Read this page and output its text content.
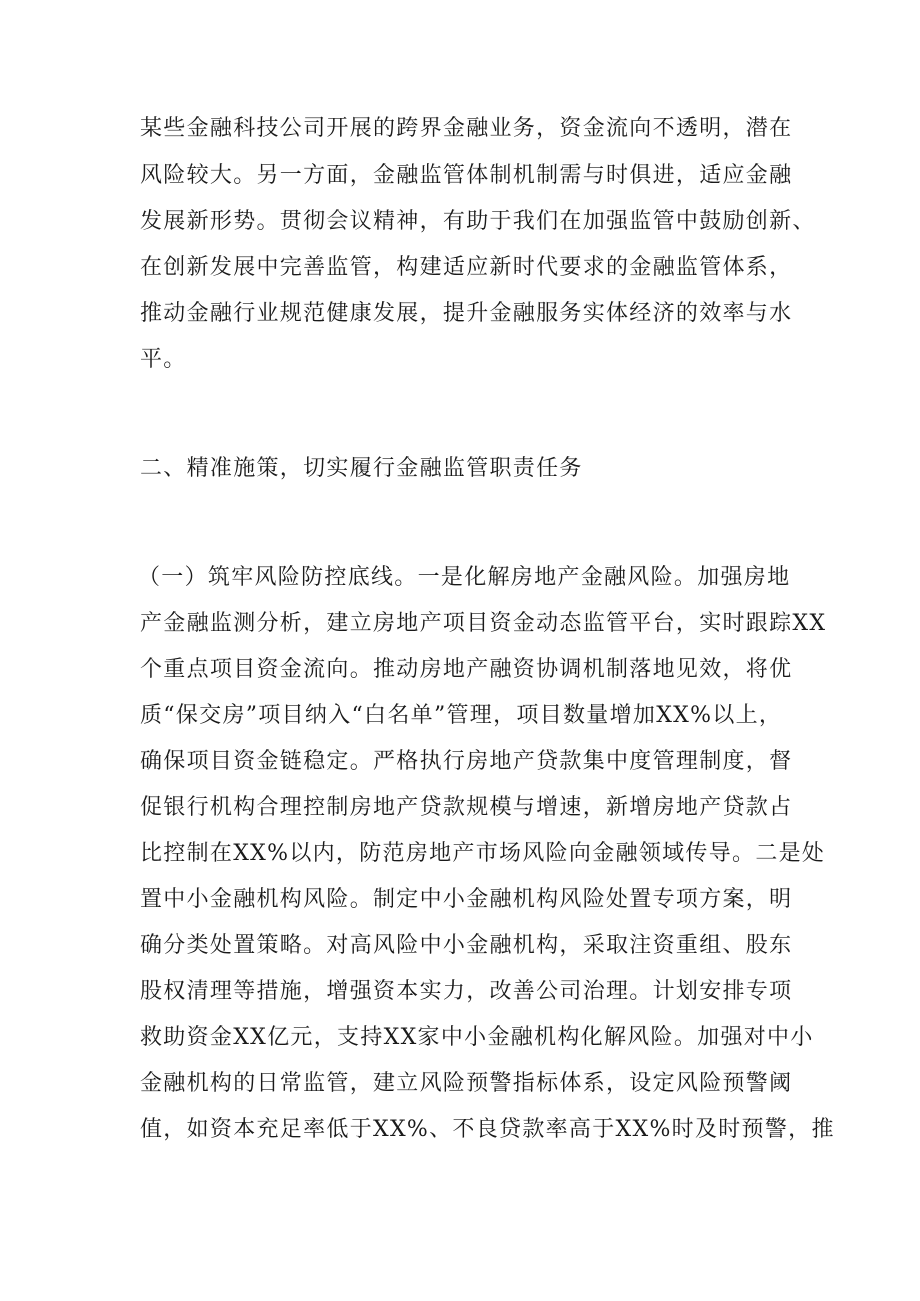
某些金融科技公司开展的跨界金融业务，资金流向不透明，潜在
风险较大。另一方面，金融监管体制机制需与时俱进，适应金融
发展新形势。贯彻会议精神，有助于我们在加强监管中鼓励创新、
在创新发展中完善监管，构建适应新时代要求的金融监管体系，
推动金融行业规范健康发展，提升金融服务实体经济的效率与水
平。
二、精准施策，切实履行金融监管职责任务
（一）筑牢风险防控底线。一是化解房地产金融风险。加强房地
产金融监测分析，建立房地产项目资金动态监管平台，实时跟踪XX
个重点项目资金流向。推动房地产融资协调机制落地见效，将优
质“保交房”项目纳入“白名单”管理，项目数量增加XX%以上，
确保项目资金链稳定。严格执行房地产贷款集中度管理制度，督
促银行机构合理控制房地产贷款规模与增速，新增房地产贷款占
比控制在XX%以内，防范房地产市场风险向金融领域传导。二是处
置中小金融机构风险。制定中小金融机构风险处置专项方案，明
确分类处置策略。对高风险中小金融机构，采取注资重组、股东
股权清理等措施，增强资本实力，改善公司治理。计划安排专项
救助资金XX亿元，支持XX家中小金融机构化解风险。加强对中小
金融机构的日常监管，建立风险预警指标体系，设定风险预警阈
值，如资本充足率低于XX%、不良贷款率高于XX%时及时预警，推
